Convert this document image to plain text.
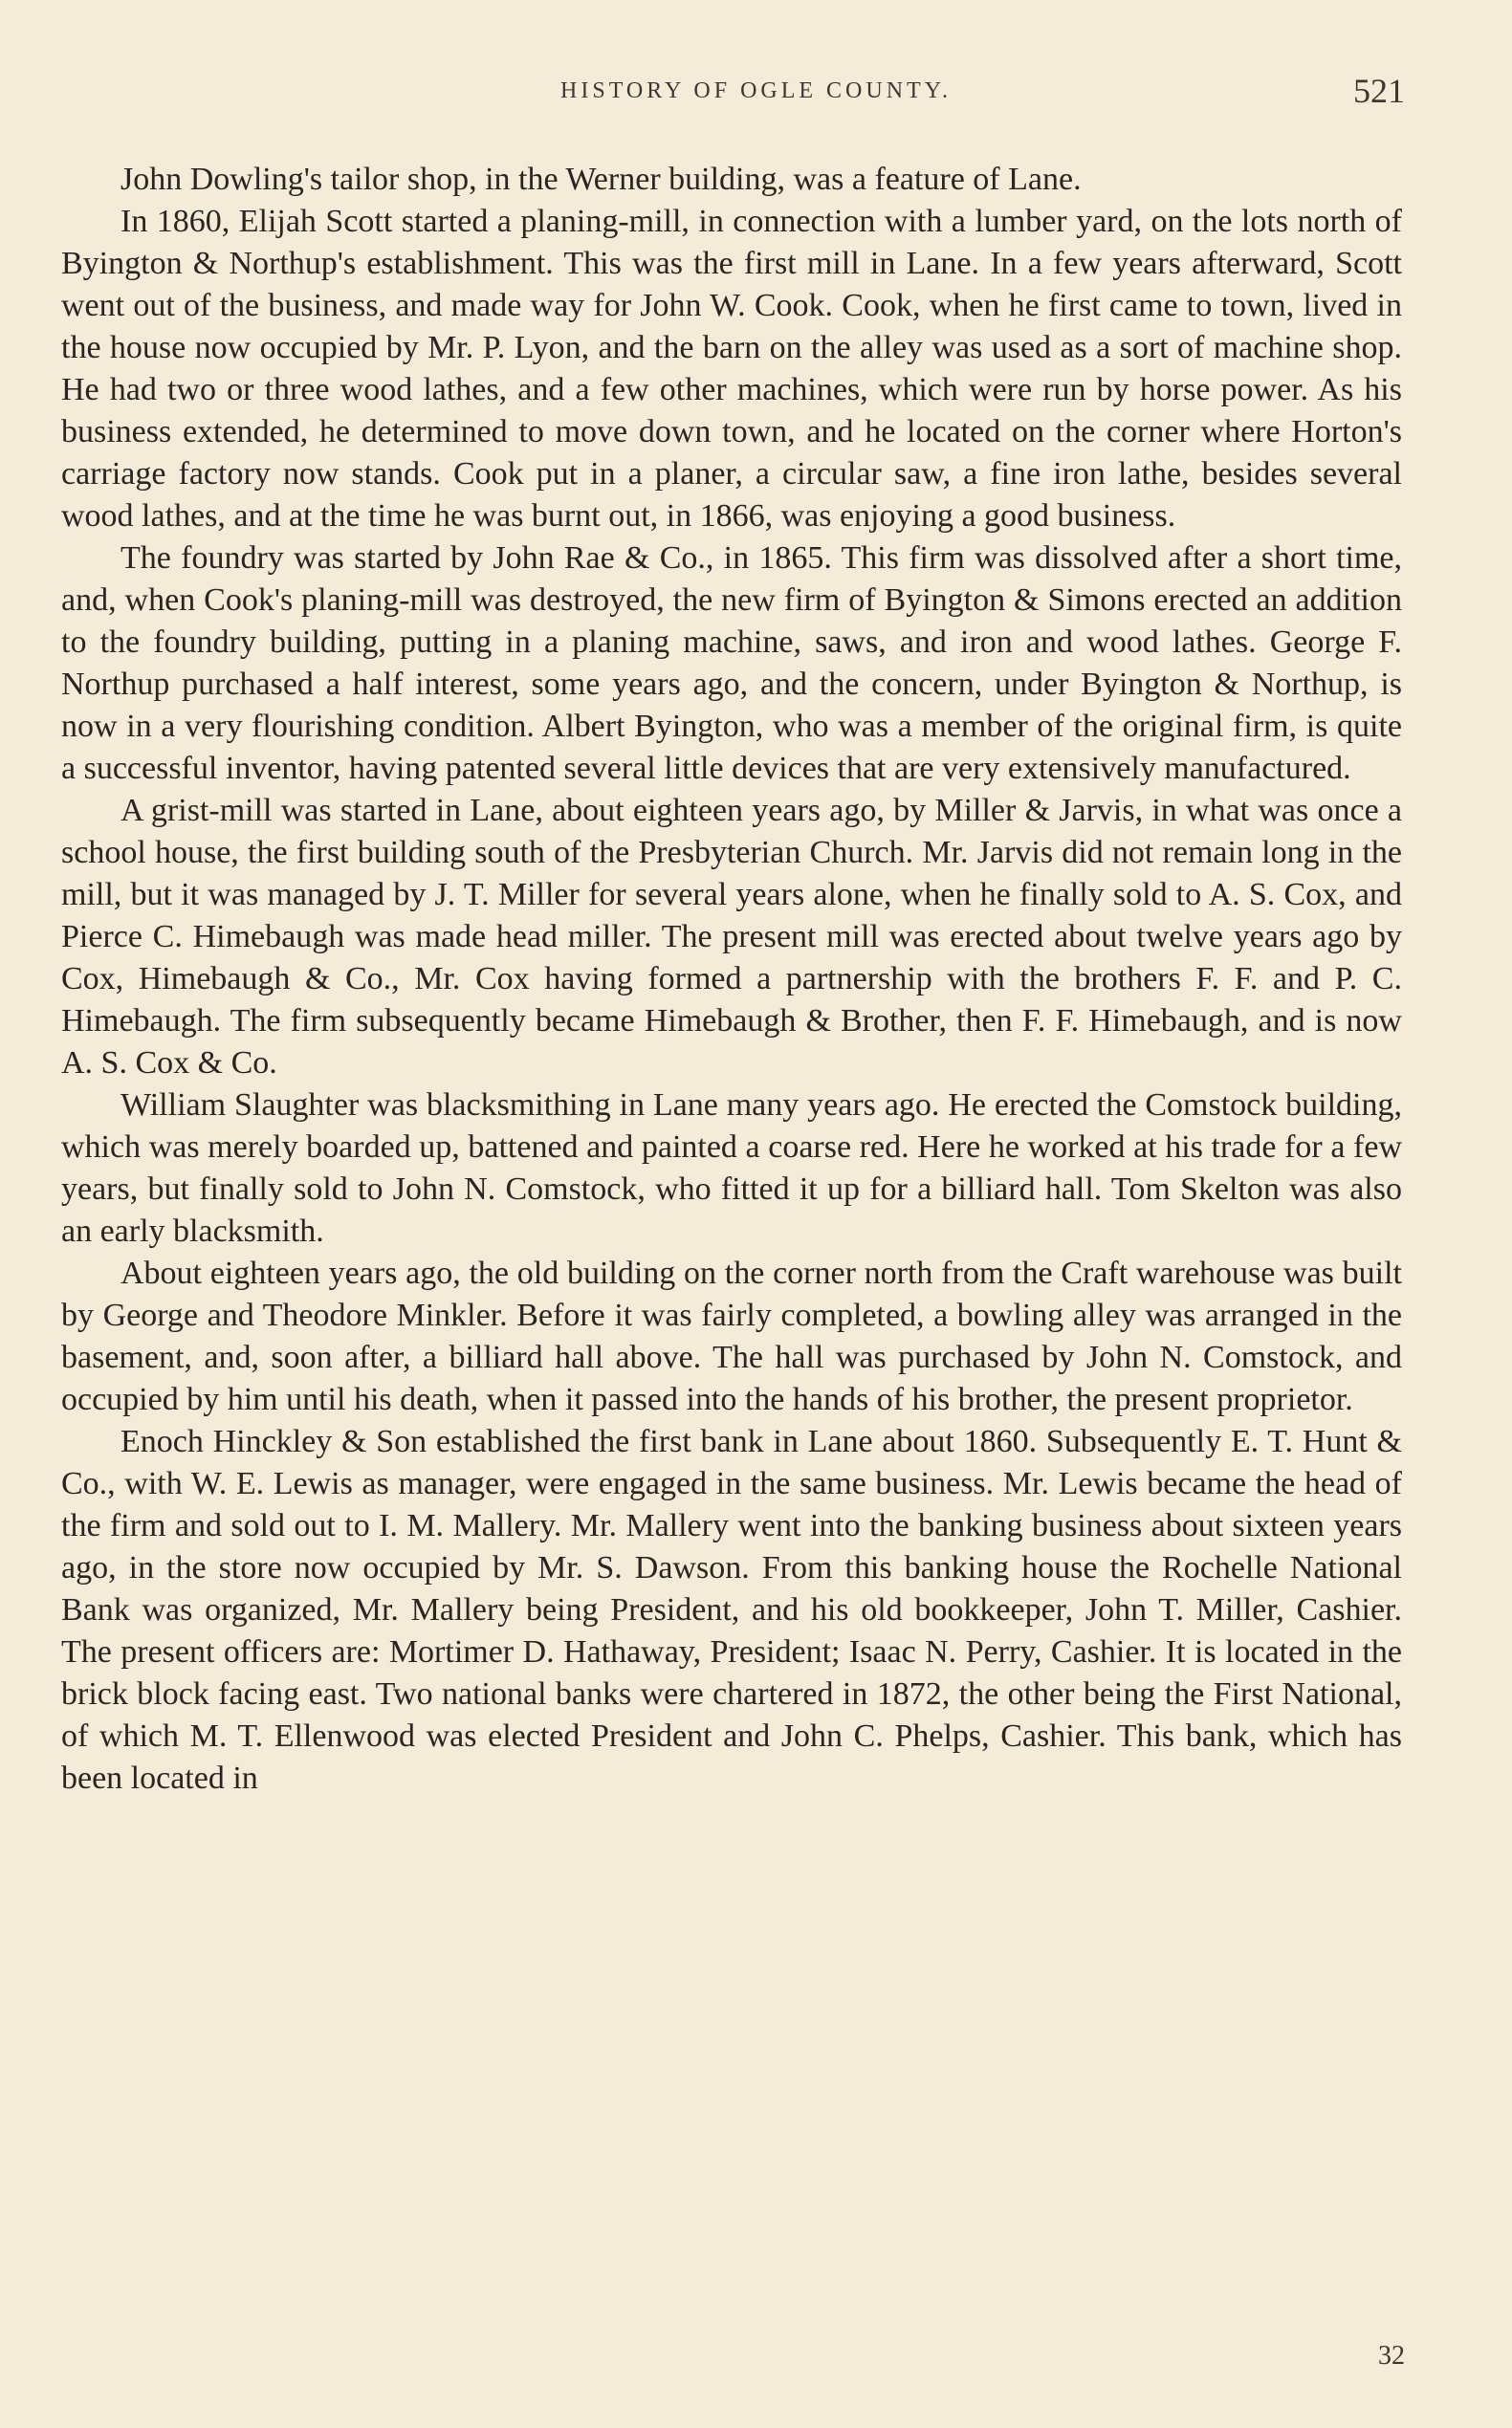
HISTORY OF OGLE COUNTY.	521

John Dowling's tailor shop, in the Werner building, was a feature of Lane.

In 1860, Elijah Scott started a planing-mill, in connection with a lumber yard, on the lots north of Byington & Northup's establishment. This was the first mill in Lane. In a few years afterward, Scott went out of the business, and made way for John W. Cook. Cook, when he first came to town, lived in the house now occupied by Mr. P. Lyon, and the barn on the alley was used as a sort of machine shop. He had two or three wood lathes, and a few other machines, which were run by horse power. As his business extended, he determined to move down town, and he located on the corner where Horton's carriage factory now stands. Cook put in a planer, a circular saw, a fine iron lathe, besides several wood lathes, and at the time he was burnt out, in 1866, was enjoying a good business.

The foundry was started by John Rae & Co., in 1865. This firm was dissolved after a short time, and, when Cook's planing-mill was destroyed, the new firm of Byington & Simons erected an addition to the foundry building, putting in a planing machine, saws, and iron and wood lathes. George F. Northup purchased a half interest, some years ago, and the concern, under Byington & Northup, is now in a very flourishing condition. Albert Byington, who was a member of the original firm, is quite a successful inventor, having patented several little devices that are very extensively manufactured.

A grist-mill was started in Lane, about eighteen years ago, by Miller & Jarvis, in what was once a school house, the first building south of the Presbyterian Church. Mr. Jarvis did not remain long in the mill, but it was managed by J. T. Miller for several years alone, when he finally sold to A. S. Cox, and Pierce C. Himebaugh was made head miller. The present mill was erected about twelve years ago by Cox, Himebaugh & Co., Mr. Cox having formed a partnership with the brothers F. F. and P. C. Himebaugh. The firm subsequently became Himebaugh & Brother, then F. F. Himebaugh, and is now A. S. Cox & Co.

William Slaughter was blacksmithing in Lane many years ago. He erected the Comstock building, which was merely boarded up, battened and painted a coarse red. Here he worked at his trade for a few years, but finally sold to John N. Comstock, who fitted it up for a billiard hall. Tom Skelton was also an early blacksmith.

About eighteen years ago, the old building on the corner north from the Craft warehouse was built by George and Theodore Minkler. Before it was fairly completed, a bowling alley was arranged in the basement, and, soon after, a billiard hall above. The hall was purchased by John N. Comstock, and occupied by him until his death, when it passed into the hands of his brother, the present proprietor.

Enoch Hinckley & Son established the first bank in Lane about 1860. Subsequently E. T. Hunt & Co., with W. E. Lewis as manager, were engaged in the same business. Mr. Lewis became the head of the firm and sold out to I. M. Mallery. Mr. Mallery went into the banking business about sixteen years ago, in the store now occupied by Mr. S. Dawson. From this banking house the Rochelle National Bank was organized, Mr. Mallery being President, and his old bookkeeper, John T. Miller, Cashier. The present officers are: Mortimer D. Hathaway, President; Isaac N. Perry, Cashier. It is located in the brick block facing east. Two national banks were chartered in 1872, the other being the First National, of which M. T. Ellenwood was elected President and John C. Phelps, Cashier. This bank, which has been located in

32
